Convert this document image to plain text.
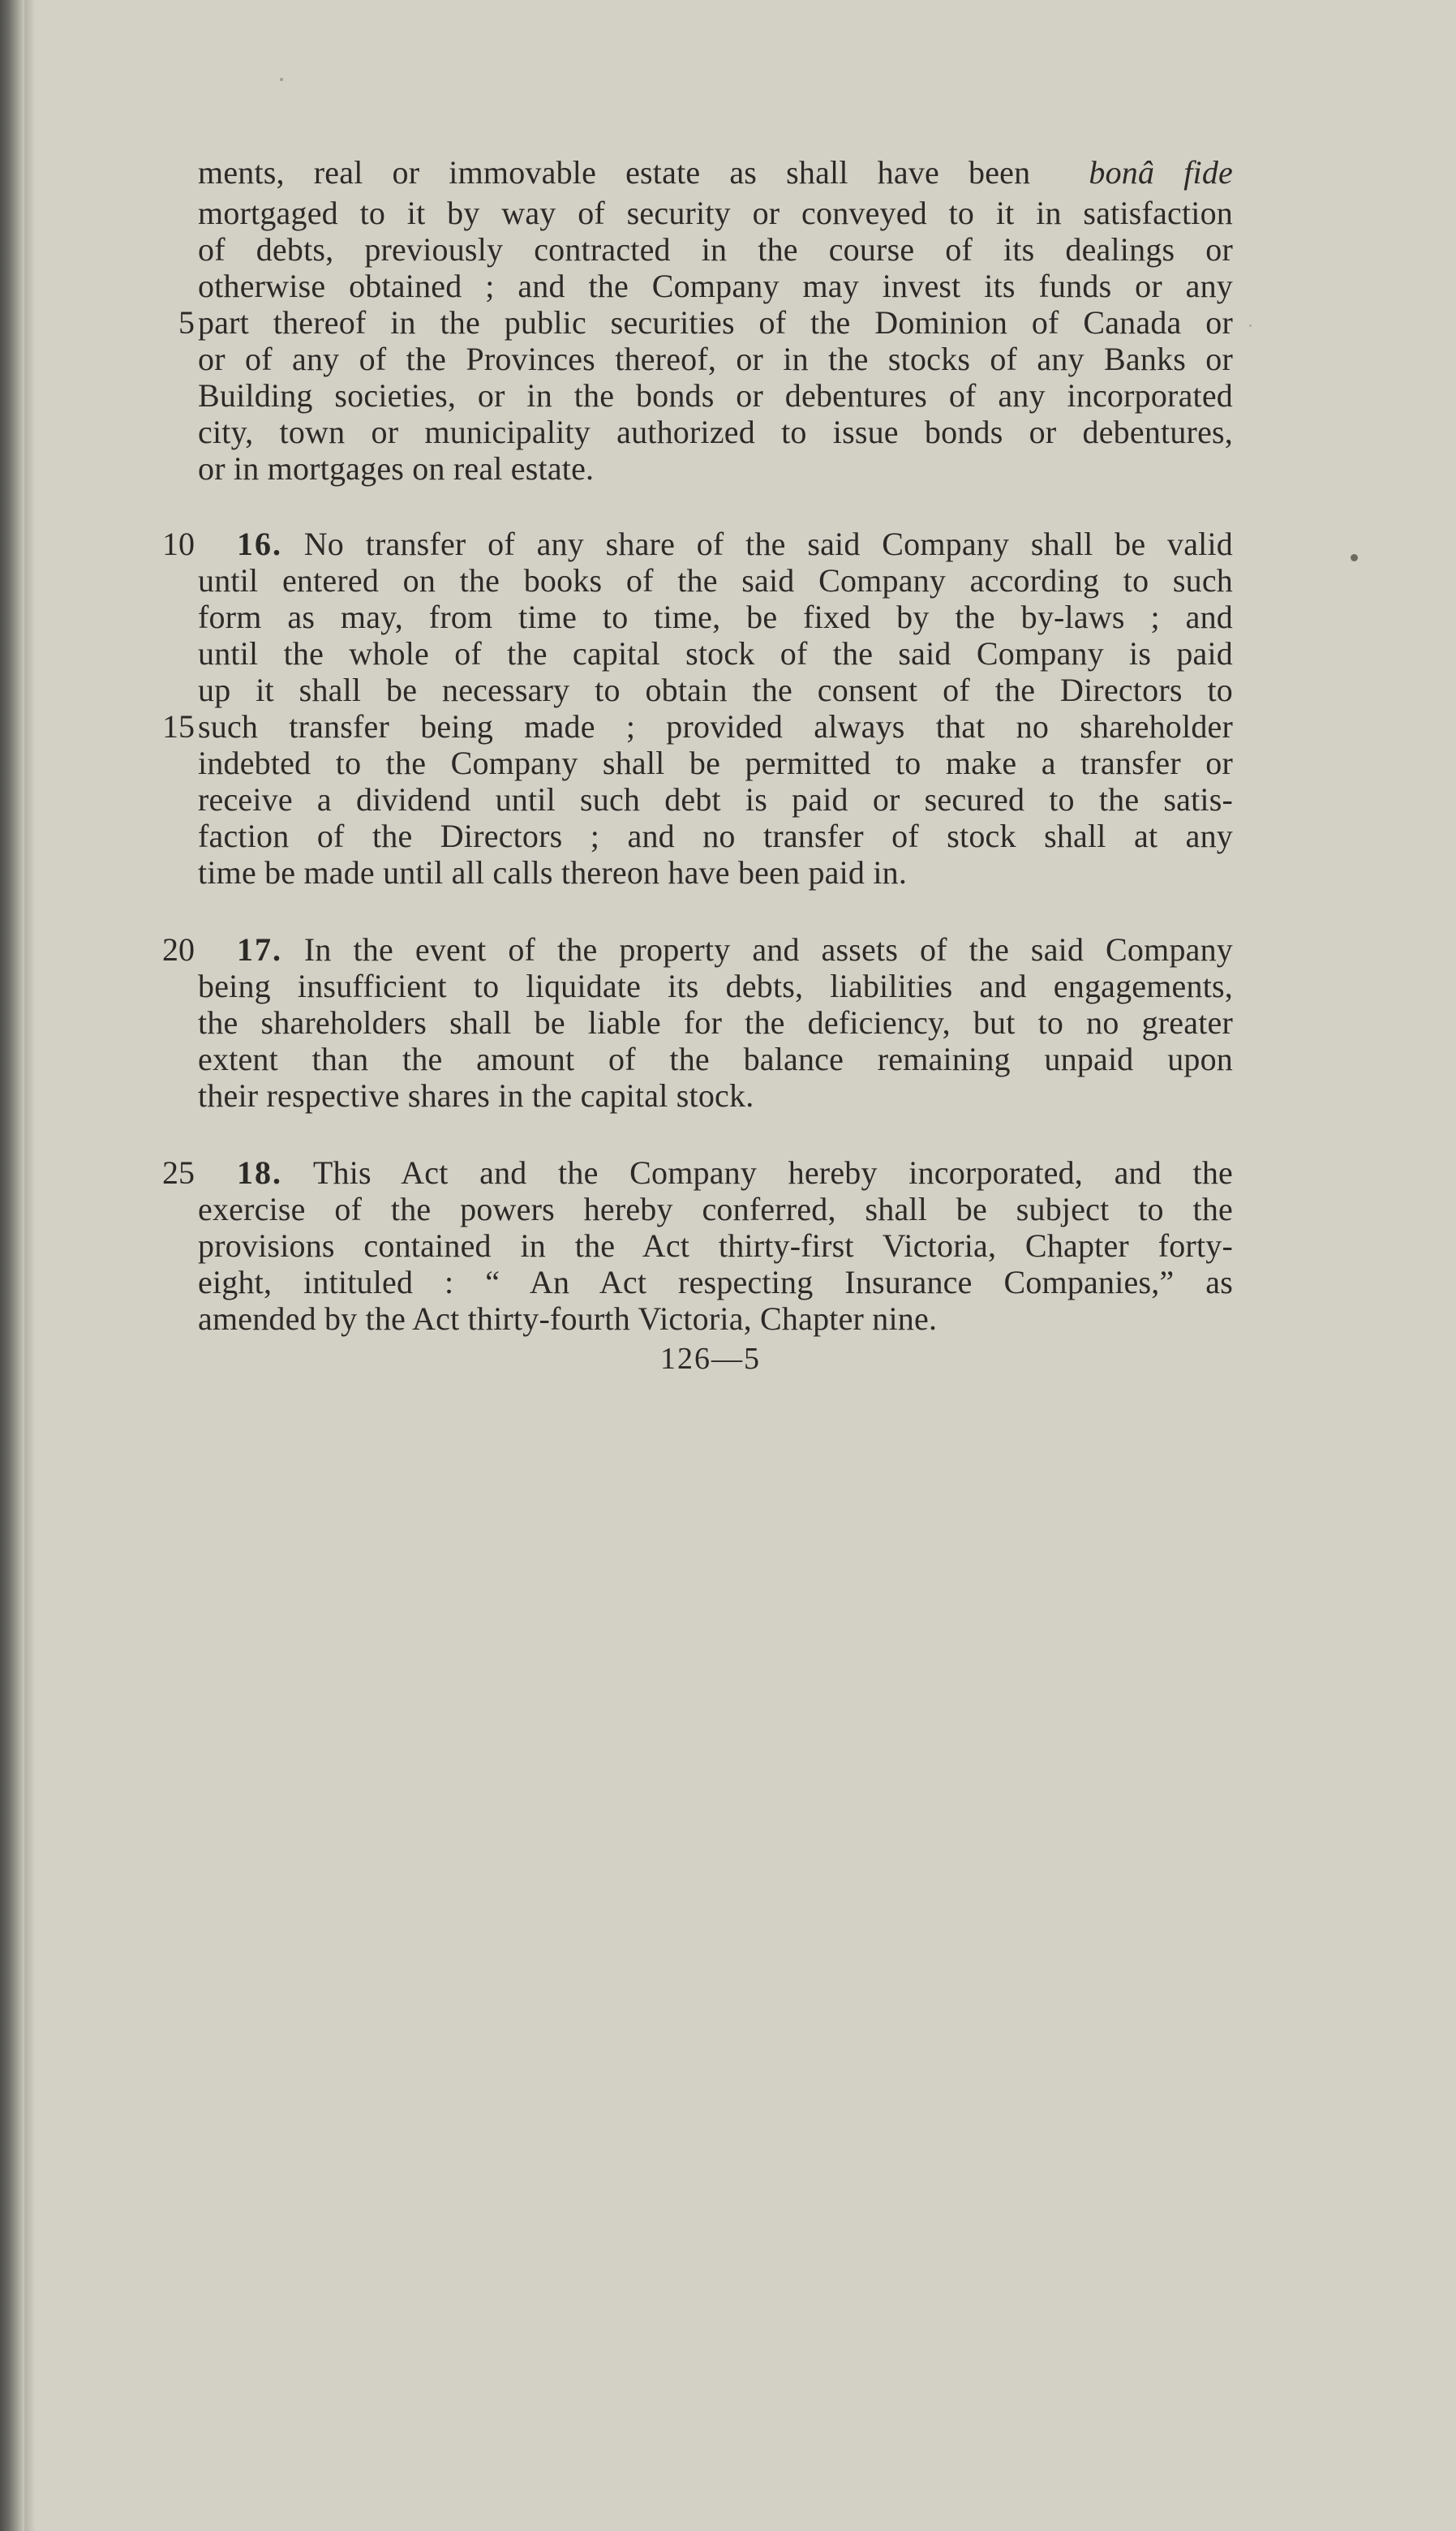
ments, real or immovable estate as shall have been bonâ fide
mortgaged to it by way of security or conveyed to it in satisfaction
of debts, previously contracted in the course of its dealings or
otherwise obtained ; and the Company may invest its funds or any
5 part thereof in the public securities of the Dominion of Canada or
or of any of the Provinces thereof, or in the stocks of any Banks or
Building societies, or in the bonds or debentures of any incorporated
city, town or municipality authorized to issue bonds or debentures,
or in mortgages on real estate.
10	16. No transfer of any share of the said Company shall be valid
until entered on the books of the said Company according to such
form as may, from time to time, be fixed by the by-laws ; and
until the whole of the capital stock of the said Company is paid
up it shall be necessary to obtain the consent of the Directors to
15 such transfer being made ; provided always that no shareholder
indebted to the Company shall be permitted to make a transfer or
receive a dividend until such debt is paid or secured to the satis-
faction of the Directors ; and no transfer of stock shall at any
time be made until all calls thereon have been paid in.
20	17. In the event of the property and assets of the said Company
being insufficient to liquidate its debts, liabilities and engagements,
the shareholders shall be liable for the deficiency, but to no greater
extent than the amount of the balance remaining unpaid upon
their respective shares in the capital stock.
25	18. This Act and the Company hereby incorporated, and the
exercise of the powers hereby conferred, shall be subject to the
provisions contained in the Act thirty-first Victoria, Chapter forty-
eight, intituled : “ An Act respecting Insurance Companies,” as
amended by the Act thirty-fourth Victoria, Chapter nine.
126—5
